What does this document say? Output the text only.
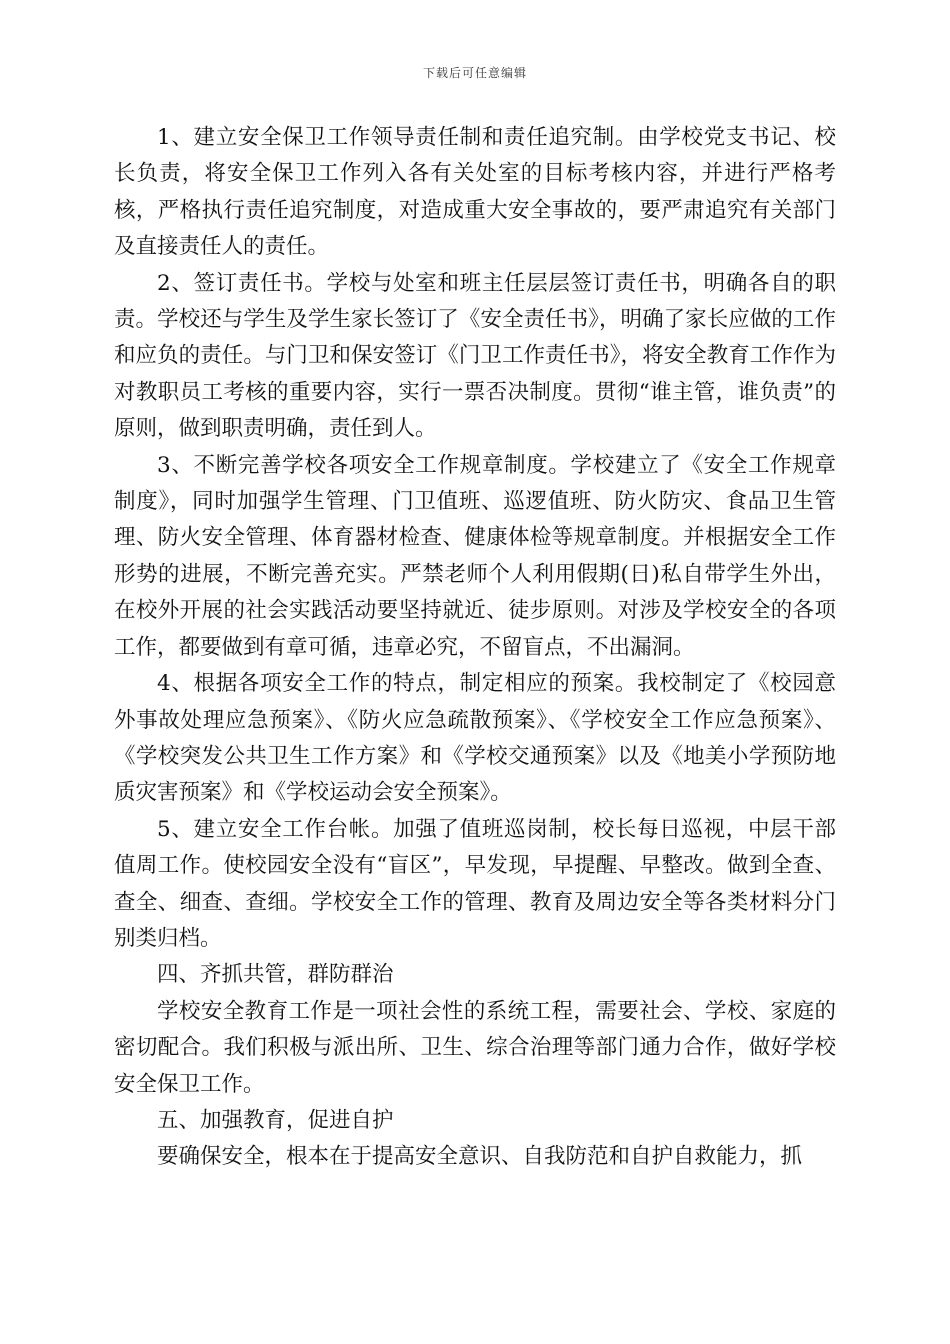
下载后可任意编辑

1、建立安全保卫工作领导责任制和责任追究制。由学校党支书记、校长负责，将安全保卫工作列入各有关处室的目标考核内容，并进行严格考核，严格执行责任追究制度，对造成重大安全事故的，要严肃追究有关部门及直接责任人的责任。

2、签订责任书。学校与处室和班主任层层签订责任书，明确各自的职责。学校还与学生及学生家长签订了《安全责任书》，明确了家长应做的工作和应负的责任。与门卫和保安签订《门卫工作责任书》，将安全教育工作作为对教职员工考核的重要内容，实行一票否决制度。贯彻“谁主管，谁负责”的原则，做到职责明确，责任到人。

3、不断完善学校各项安全工作规章制度。学校建立了《安全工作规章制度》，同时加强学生管理、门卫值班、巡逻值班、防火防灾、食品卫生管理、防火安全管理、体育器材检查、健康体检等规章制度。并根据安全工作形势的进展，不断完善充实。严禁老师个人利用假期(日)私自带学生外出，在校外开展的社会实践活动要坚持就近、徒步原则。对涉及学校安全的各项工作，都要做到有章可循，违章必究，不留盲点，不出漏洞。

4、根据各项安全工作的特点，制定相应的预案。我校制定了《校园意外事故处理应急预案》、《防火应急疏散预案》、《学校安全工作应急预案》、《学校突发公共卫生工作方案》和《学校交通预案》以及《地美小学预防地质灾害预案》和《学校运动会安全预案》。

5、建立安全工作台帐。加强了值班巡岗制，校长每日巡视，中层干部值周工作。使校园安全没有“盲区”，早发现，早提醒、早整改。做到全查、查全、细查、查细。学校安全工作的管理、教育及周边安全等各类材料分门别类归档。

四、齐抓共管，群防群治

学校安全教育工作是一项社会性的系统工程，需要社会、学校、家庭的密切配合。我们积极与派出所、卫生、综合治理等部门通力合作，做好学校安全保卫工作。

五、加强教育，促进自护

要确保安全，根本在于提高安全意识、自我防范和自护自救能力，抓
